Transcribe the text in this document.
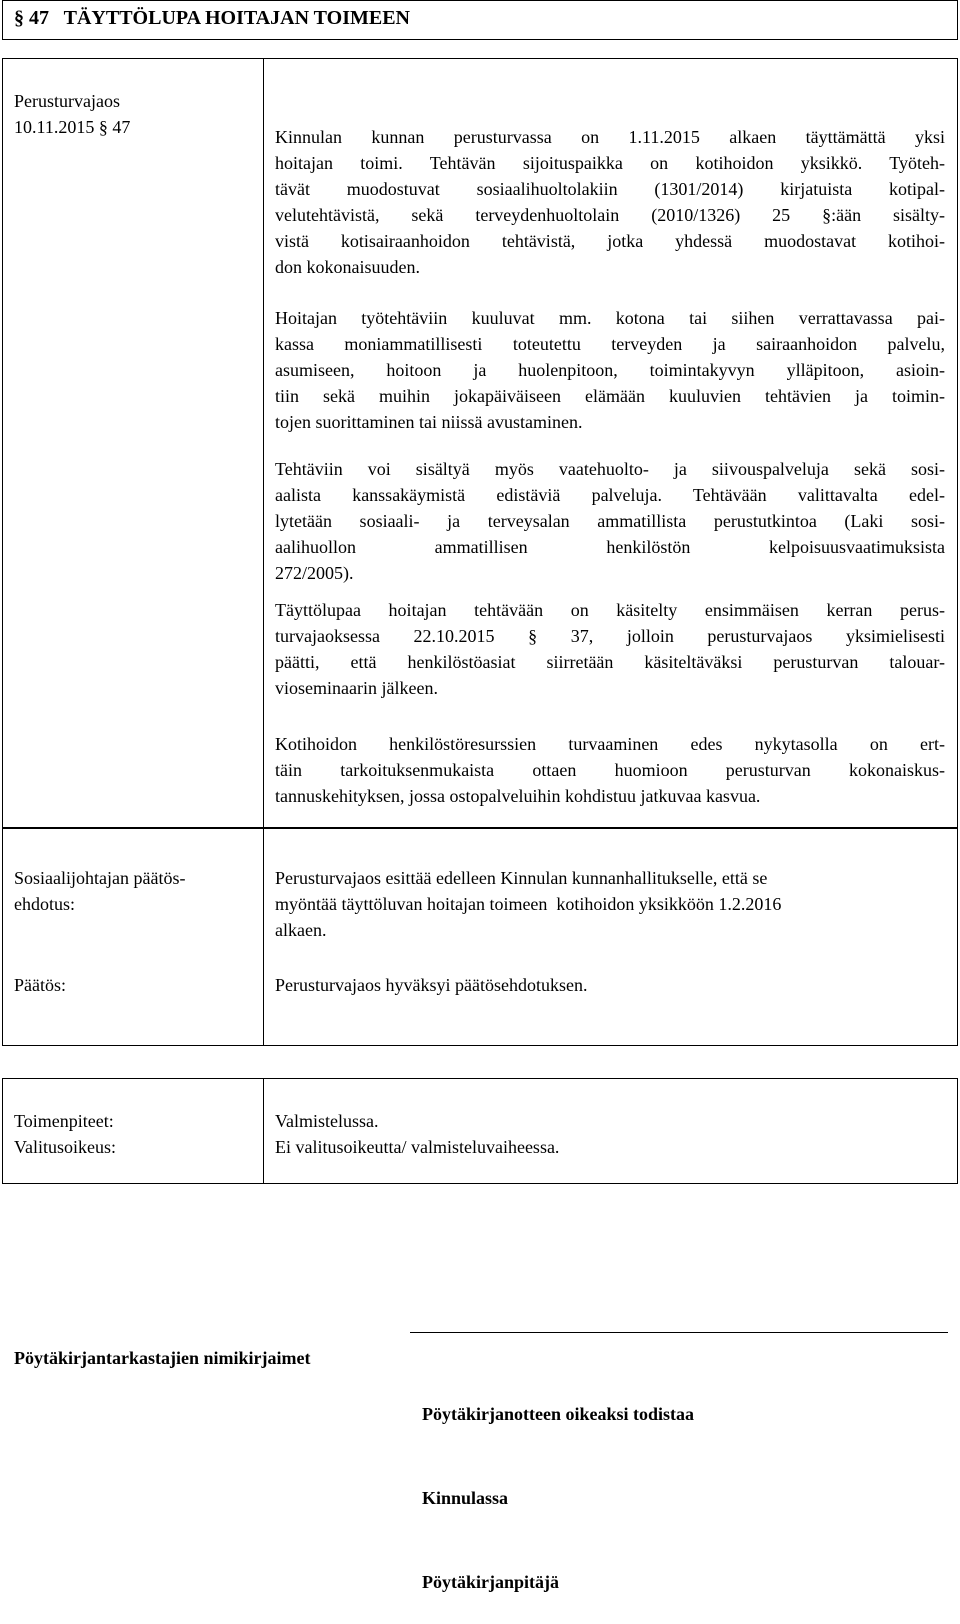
§ 47   TÄYTTÖLUPA HOITAJAN TOIMEEN
Perusturvajaos
10.11.2015 § 47	Kinnulan kunnan perusturvassa on 1.11.2015 alkaen täyttämättä yksi
hoitajan toimi. Tehtävän sijoituspaikka on kotihoidon yksikkö. Työteh-
tävät muodostuvat sosiaalihuoltolakiin (1301/2014) kirjatuista kotipal-
velutehtävistä, sekä terveydenhuoltolain (2010/1326) 25 §:ään sisälty-
vistä kotisairaanhoidon tehtävistä, jotka yhdessä muodostavat kotihoi-
don kokonaisuuden.
Hoitajan työtehtäviin kuuluvat mm. kotona tai siihen verrattavassa pai-
kassa moniammatillisesti toteutettu terveyden ja sairaanhoidon palvelu,
asumiseen, hoitoon ja huolenpitoon, toimintakyvyn ylläpitoon, asioin-
tiin sekä muihin jokapäiväiseen elämään kuuluvien tehtävien ja toimin-
tojen suorittaminen tai niissä avustaminen.
Tehtäviin voi sisältyä myös vaatehuolto- ja siivouspalveluja sekä sosi-
aalista kanssakäymistä edistäviä palveluja. Tehtävään valittavalta edel-
lytetään sosiaali- ja terveysalan ammatillista perustutkintoa (Laki sosi-
aalihuollon ammatillisen henkilöstön kelpoisuusvaatimuksista
272/2005).
Täyttölupaa hoitajan tehtävään on käsitelty ensimmäisen kerran perus-
turvajaoksessa 22.10.2015 § 37, jolloin perusturvajaos yksimielisesti
päätti, että henkilöstöasiat siirretään käsiteltäväksi perusturvan talouar-
vioseminaarin jälkeen.
Kotihoidon henkilöstöresurssien turvaaminen edes nykytasolla on ert-
täin tarkoituksenmukaista ottaen huomioon perusturvan kokonaiskus-
tannuskehityksen, jossa ostopalveluihin kohdistuu jatkuvaa kasvua.
Sosiaalijohtajan päätös-
ehdotus:
Perusturvajaos esittää edelleen Kinnulan kunnanhallitukselle, että se
myöntää täyttöluvan hoitajan toimeen  kotihoidon yksikköön 1.2.2016
alkaen.
Päätös:	Perusturvajaos hyväksyi päätösehdotuksen.
Toimenpiteet:
Valitusoikeus:
Valmistelussa.
Ei valitusoikeutta/ valmisteluvaiheessa.
Pöytäkirjantarkastajien nimikirjaimet

Pöytäkirjanotteen oikeaksi todistaa

Kinnulassa

Pöytäkirjanpitäjä
